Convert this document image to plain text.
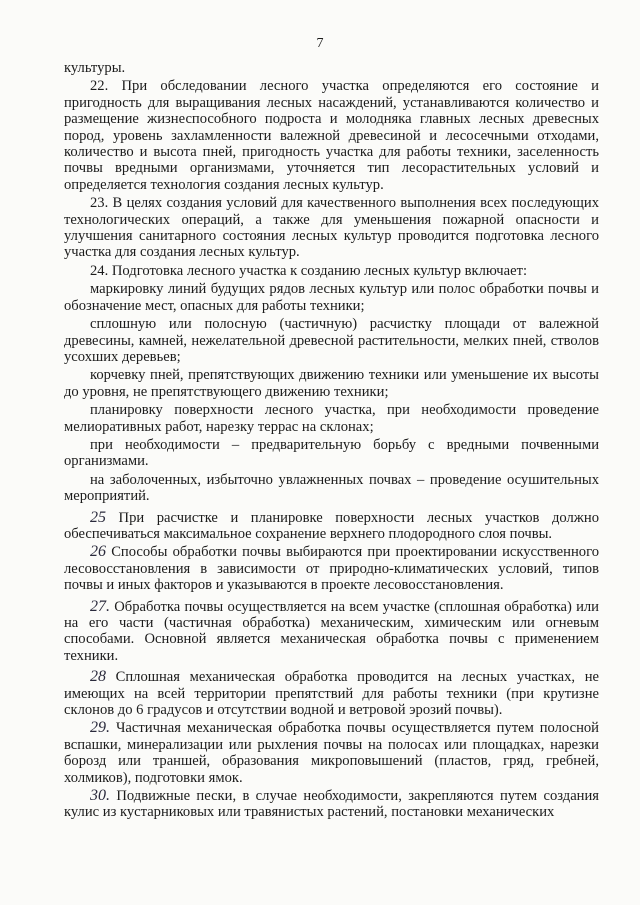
7

культуры.

22. При обследовании лесного участка определяются его состояние и пригодность для выращивания лесных насаждений, устанавливаются количество и размещение жизнеспособного подроста и молодняка главных лесных древесных пород, уровень захламленности валежной древесиной и лесосечными отходами, количество и высота пней, пригодность участка для работы техники, заселенность почвы вредными организмами, уточняется тип лесорастительных условий и определяется технология создания лесных культур.

23. В целях создания условий для качественного выполнения всех последующих технологических операций, а также для уменьшения пожарной опасности и улучшения санитарного состояния лесных культур проводится подготовка лесного участка для создания лесных культур.

24. Подготовка лесного участка к созданию лесных культур включает:

маркировку линий будущих рядов лесных культур или полос обработки почвы и обозначение мест, опасных для работы техники;

сплошную или полосную (частичную) расчистку площади от валежной древесины, камней, нежелательной древесной растительности, мелких пней, стволов усохших деревьев;

корчевку пней, препятствующих движению техники или уменьшение их высоты до уровня, не препятствующего движению техники;

планировку поверхности лесного участка, при необходимости проведение мелиоративных работ, нарезку террас на склонах;

при необходимости – предварительную борьбу с вредными почвенными организмами.

на заболоченных, избыточно увлажненных почвах – проведение осушительных мероприятий.

25 При расчистке и планировке поверхности лесных участков должно обеспечиваться максимальное сохранение верхнего плодородного слоя почвы.

26 Способы обработки почвы выбираются при проектировании искусственного лесовосстановления в зависимости от природно-климатических условий, типов почвы и иных факторов и указываются в проекте лесовосстановления.

27. Обработка почвы осуществляется на всем участке (сплошная обработка) или на его части (частичная обработка) механическим, химическим или огневым способами. Основной является механическая обработка почвы с применением техники.

28 Сплошная механическая обработка проводится на лесных участках, не имеющих на всей территории препятствий для работы техники (при крутизне склонов до 6 градусов и отсутствии водной и ветровой эрозий почвы).

29. Частичная механическая обработка почвы осуществляется путем полосной вспашки, минерализации или рыхления почвы на полосах или площадках, нарезки борозд или траншей, образования микроповышений (пластов, гряд, гребней, холмиков), подготовки ямок.

30. Подвижные пески, в случае необходимости, закрепляются путем создания кулис из кустарниковых или травянистых растений, постановки механических
